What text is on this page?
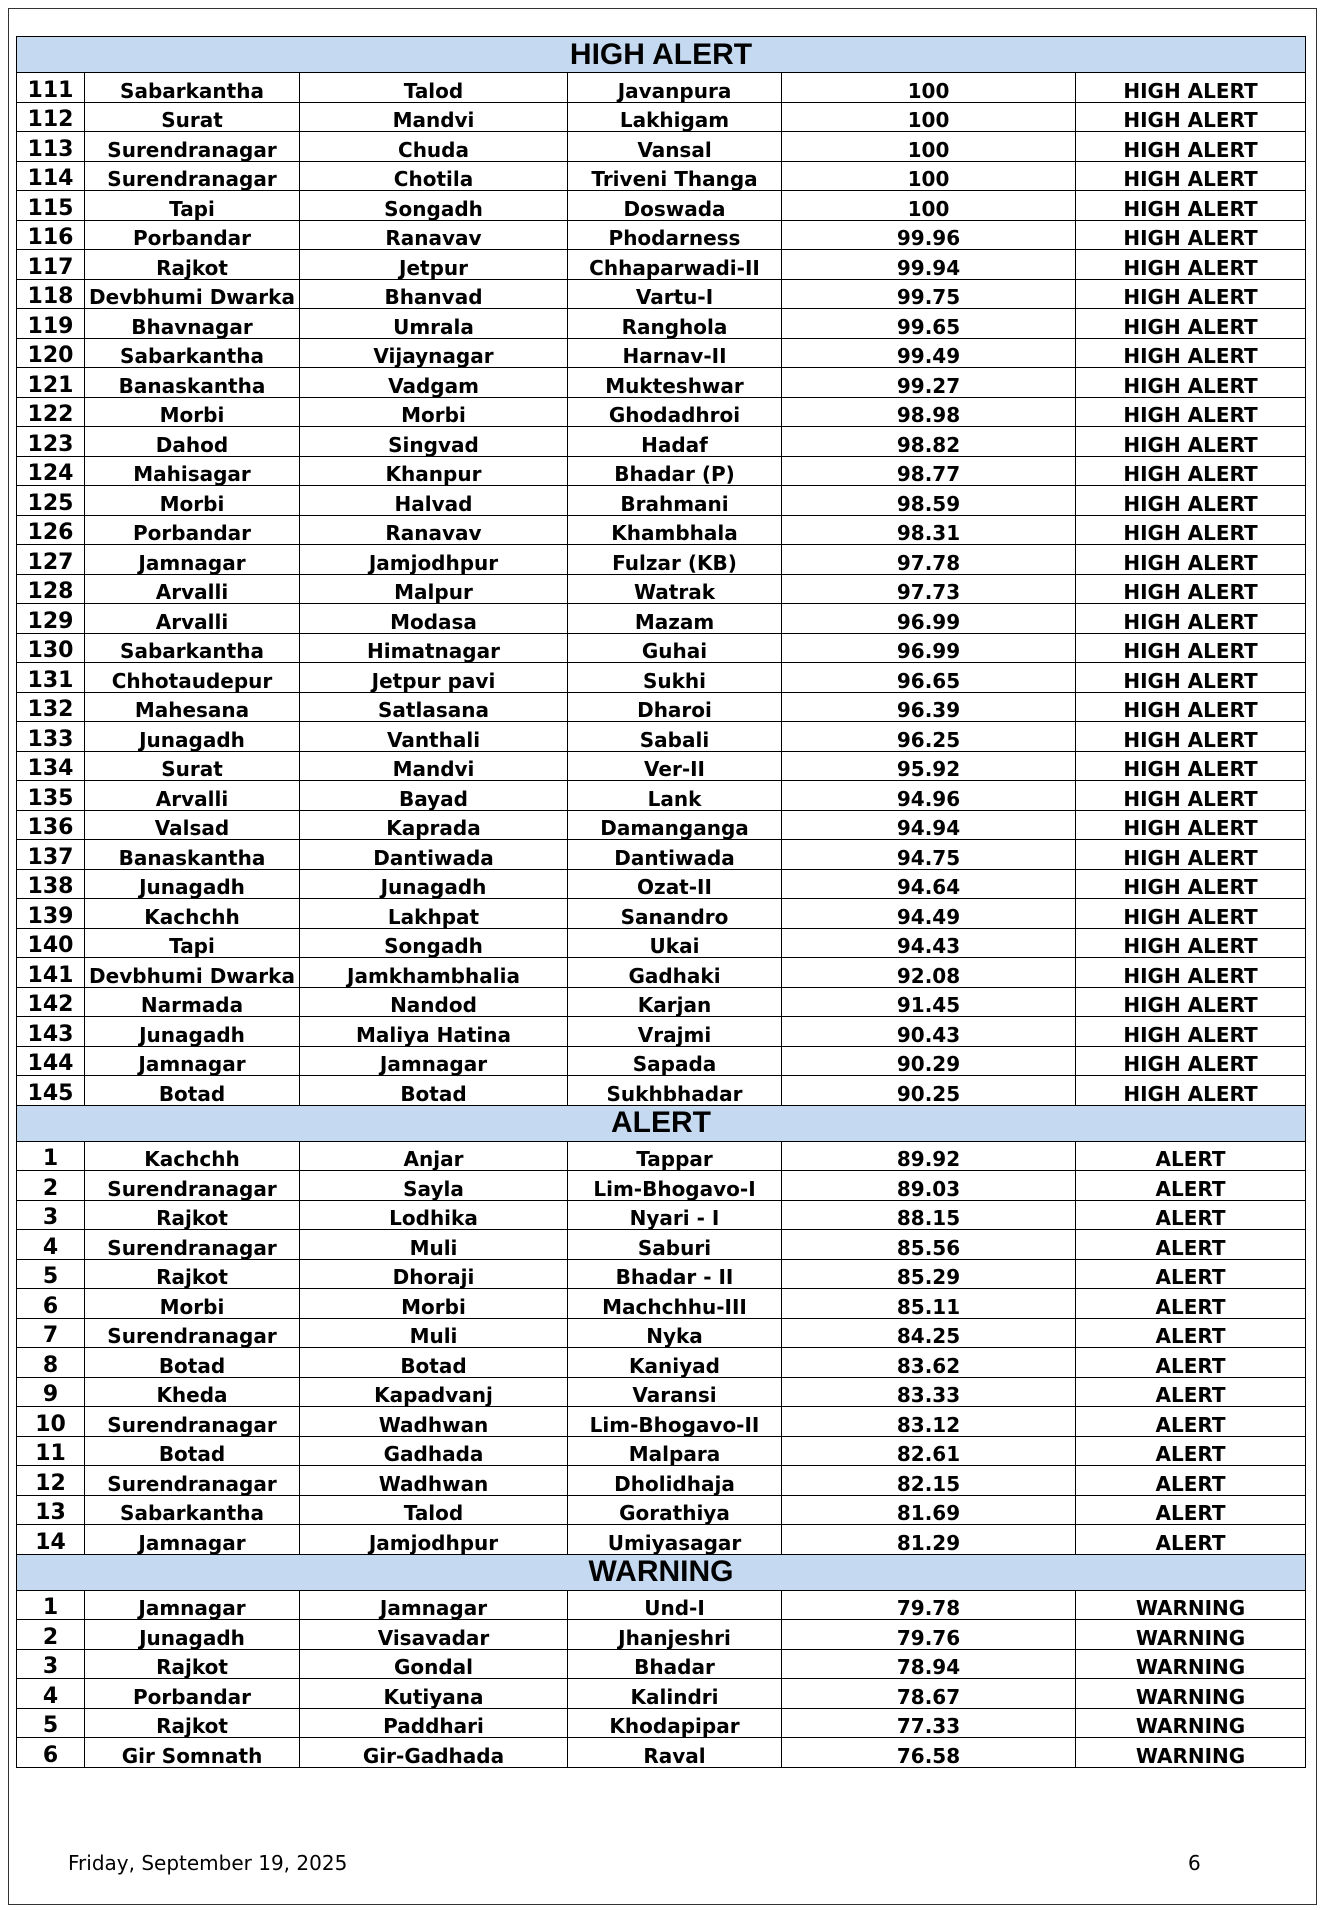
HIGH ALERT					
111	Sabarkantha	Talod	Javanpura	100	HIGH ALERT
112	Surat	Mandvi	Lakhigam	100	HIGH ALERT
113	Surendranagar	Chuda	Vansal	100	HIGH ALERT
114	Surendranagar	Chotila	Triveni Thanga	100	HIGH ALERT
115	Tapi	Songadh	Doswada	100	HIGH ALERT
116	Porbandar	Ranavav	Phodarness	99.96	HIGH ALERT
117	Rajkot	Jetpur	Chhaparwadi-II	99.94	HIGH ALERT
118	Devbhumi Dwarka	Bhanvad	Vartu-I	99.75	HIGH ALERT
119	Bhavnagar	Umrala	Ranghola	99.65	HIGH ALERT
120	Sabarkantha	Vijaynagar	Harnav-II	99.49	HIGH ALERT
121	Banaskantha	Vadgam	Mukteshwar	99.27	HIGH ALERT
122	Morbi	Morbi	Ghodadhroi	98.98	HIGH ALERT
123	Dahod	Singvad	Hadaf	98.82	HIGH ALERT
124	Mahisagar	Khanpur	Bhadar (P)	98.77	HIGH ALERT
125	Morbi	Halvad	Brahmani	98.59	HIGH ALERT
126	Porbandar	Ranavav	Khambhala	98.31	HIGH ALERT
127	Jamnagar	Jamjodhpur	Fulzar (KB)	97.78	HIGH ALERT
128	Arvalli	Malpur	Watrak	97.73	HIGH ALERT
129	Arvalli	Modasa	Mazam	96.99	HIGH ALERT
130	Sabarkantha	Himatnagar	Guhai	96.99	HIGH ALERT
131	Chhotaudepur	Jetpur pavi	Sukhi	96.65	HIGH ALERT
132	Mahesana	Satlasana	Dharoi	96.39	HIGH ALERT
133	Junagadh	Vanthali	Sabali	96.25	HIGH ALERT
134	Surat	Mandvi	Ver-II	95.92	HIGH ALERT
135	Arvalli	Bayad	Lank	94.96	HIGH ALERT
136	Valsad	Kaprada	Damanganga	94.94	HIGH ALERT
137	Banaskantha	Dantiwada	Dantiwada	94.75	HIGH ALERT
138	Junagadh	Junagadh	Ozat-II	94.64	HIGH ALERT
139	Kachchh	Lakhpat	Sanandro	94.49	HIGH ALERT
140	Tapi	Songadh	Ukai	94.43	HIGH ALERT
141	Devbhumi Dwarka	Jamkhambhalia	Gadhaki	92.08	HIGH ALERT
142	Narmada	Nandod	Karjan	91.45	HIGH ALERT
143	Junagadh	Maliya Hatina	Vrajmi	90.43	HIGH ALERT
144	Jamnagar	Jamnagar	Sapada	90.29	HIGH ALERT
145	Botad	Botad	Sukhbhadar	90.25	HIGH ALERT
ALERT					
1	Kachchh	Anjar	Tappar	89.92	ALERT
2	Surendranagar	Sayla	Lim-Bhogavo-I	89.03	ALERT
3	Rajkot	Lodhika	Nyari - I	88.15	ALERT
4	Surendranagar	Muli	Saburi	85.56	ALERT
5	Rajkot	Dhoraji	Bhadar - II	85.29	ALERT
6	Morbi	Morbi	Machchhu-III	85.11	ALERT
7	Surendranagar	Muli	Nyka	84.25	ALERT
8	Botad	Botad	Kaniyad	83.62	ALERT
9	Kheda	Kapadvanj	Varansi	83.33	ALERT
10	Surendranagar	Wadhwan	Lim-Bhogavo-II	83.12	ALERT
11	Botad	Gadhada	Malpara	82.61	ALERT
12	Surendranagar	Wadhwan	Dholidhaja	82.15	ALERT
13	Sabarkantha	Talod	Gorathiya	81.69	ALERT
14	Jamnagar	Jamjodhpur	Umiyasagar	81.29	ALERT
WARNING					
1	Jamnagar	Jamnagar	Und-I	79.78	WARNING
2	Junagadh	Visavadar	Jhanjeshri	79.76	WARNING
3	Rajkot	Gondal	Bhadar	78.94	WARNING
4	Porbandar	Kutiyana	Kalindri	78.67	WARNING
5	Rajkot	Paddhari	Khodapipar	77.33	WARNING
6	Gir Somnath	Gir-Gadhada	Raval	76.58	WARNING
Friday, September 19, 2025	6
